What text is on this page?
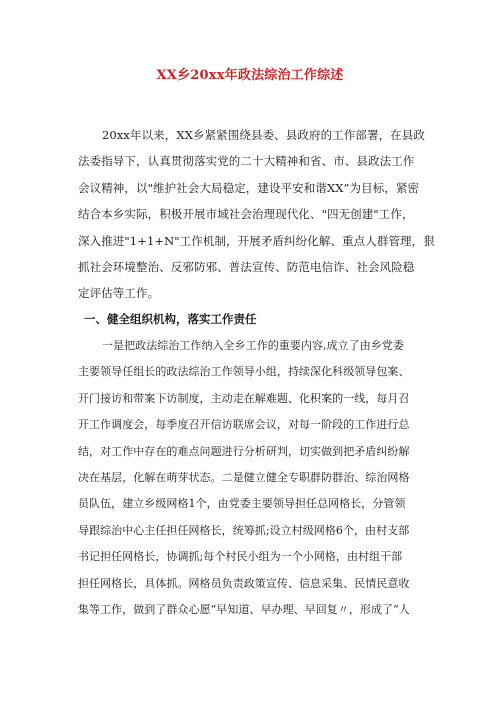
XX乡20xx年政法综治工作综述
20xx年以来，XX乡紧紧围绕县委、县政府的工作部署，在县政
法委指导下，认真贯彻落实党的二十大精神和省、市、县政法工作
会议精神，以"维护社会大局稳定，建设平安和谐XX”为目标，紧密
结合本乡实际，积极开展市域社会治理现代化、"四无创建"工作，
深入推进"1+1+N"工作机制，开展矛盾纠纷化解、重点人群管理，狠
抓社会环境整治、反邪防邪、普法宣传、防范电信诈、社会风险稳
定评估等工作。
一、健全组织机构，落实工作责任
一是把政法综治工作纳入全乡工作的重要内容,成立了由乡党委
主要领导任组长的政法综治工作领导小组，持续深化科级领导包案、
开门接访和带案下访制度，主动走在解难题、化积案的一线，每月召
开工作调度会，每季度召开信访联席会议，对每一阶段的工作进行总
结，对工作中存在的难点问题进行分析研判，切实做到把矛盾纠纷解
决在基层，化解在萌芽状态。二是健立健全专职群防群治、综治网格
员队伍，建立乡级网格1个，由党委主要领导担任总网格长，分管领
导跟综治中心主任担任网格长，统筹抓;设立村级网格6个，由村支部
书记担任网格长，协调抓;每个村民小组为一个小网格，由村组干部
担任网格长，具体抓。网格员负责政策宣传、信息采集、民情民意收
集等工作，做到了群众心愿“早知道、早办理、早回复〃，形成了“人
